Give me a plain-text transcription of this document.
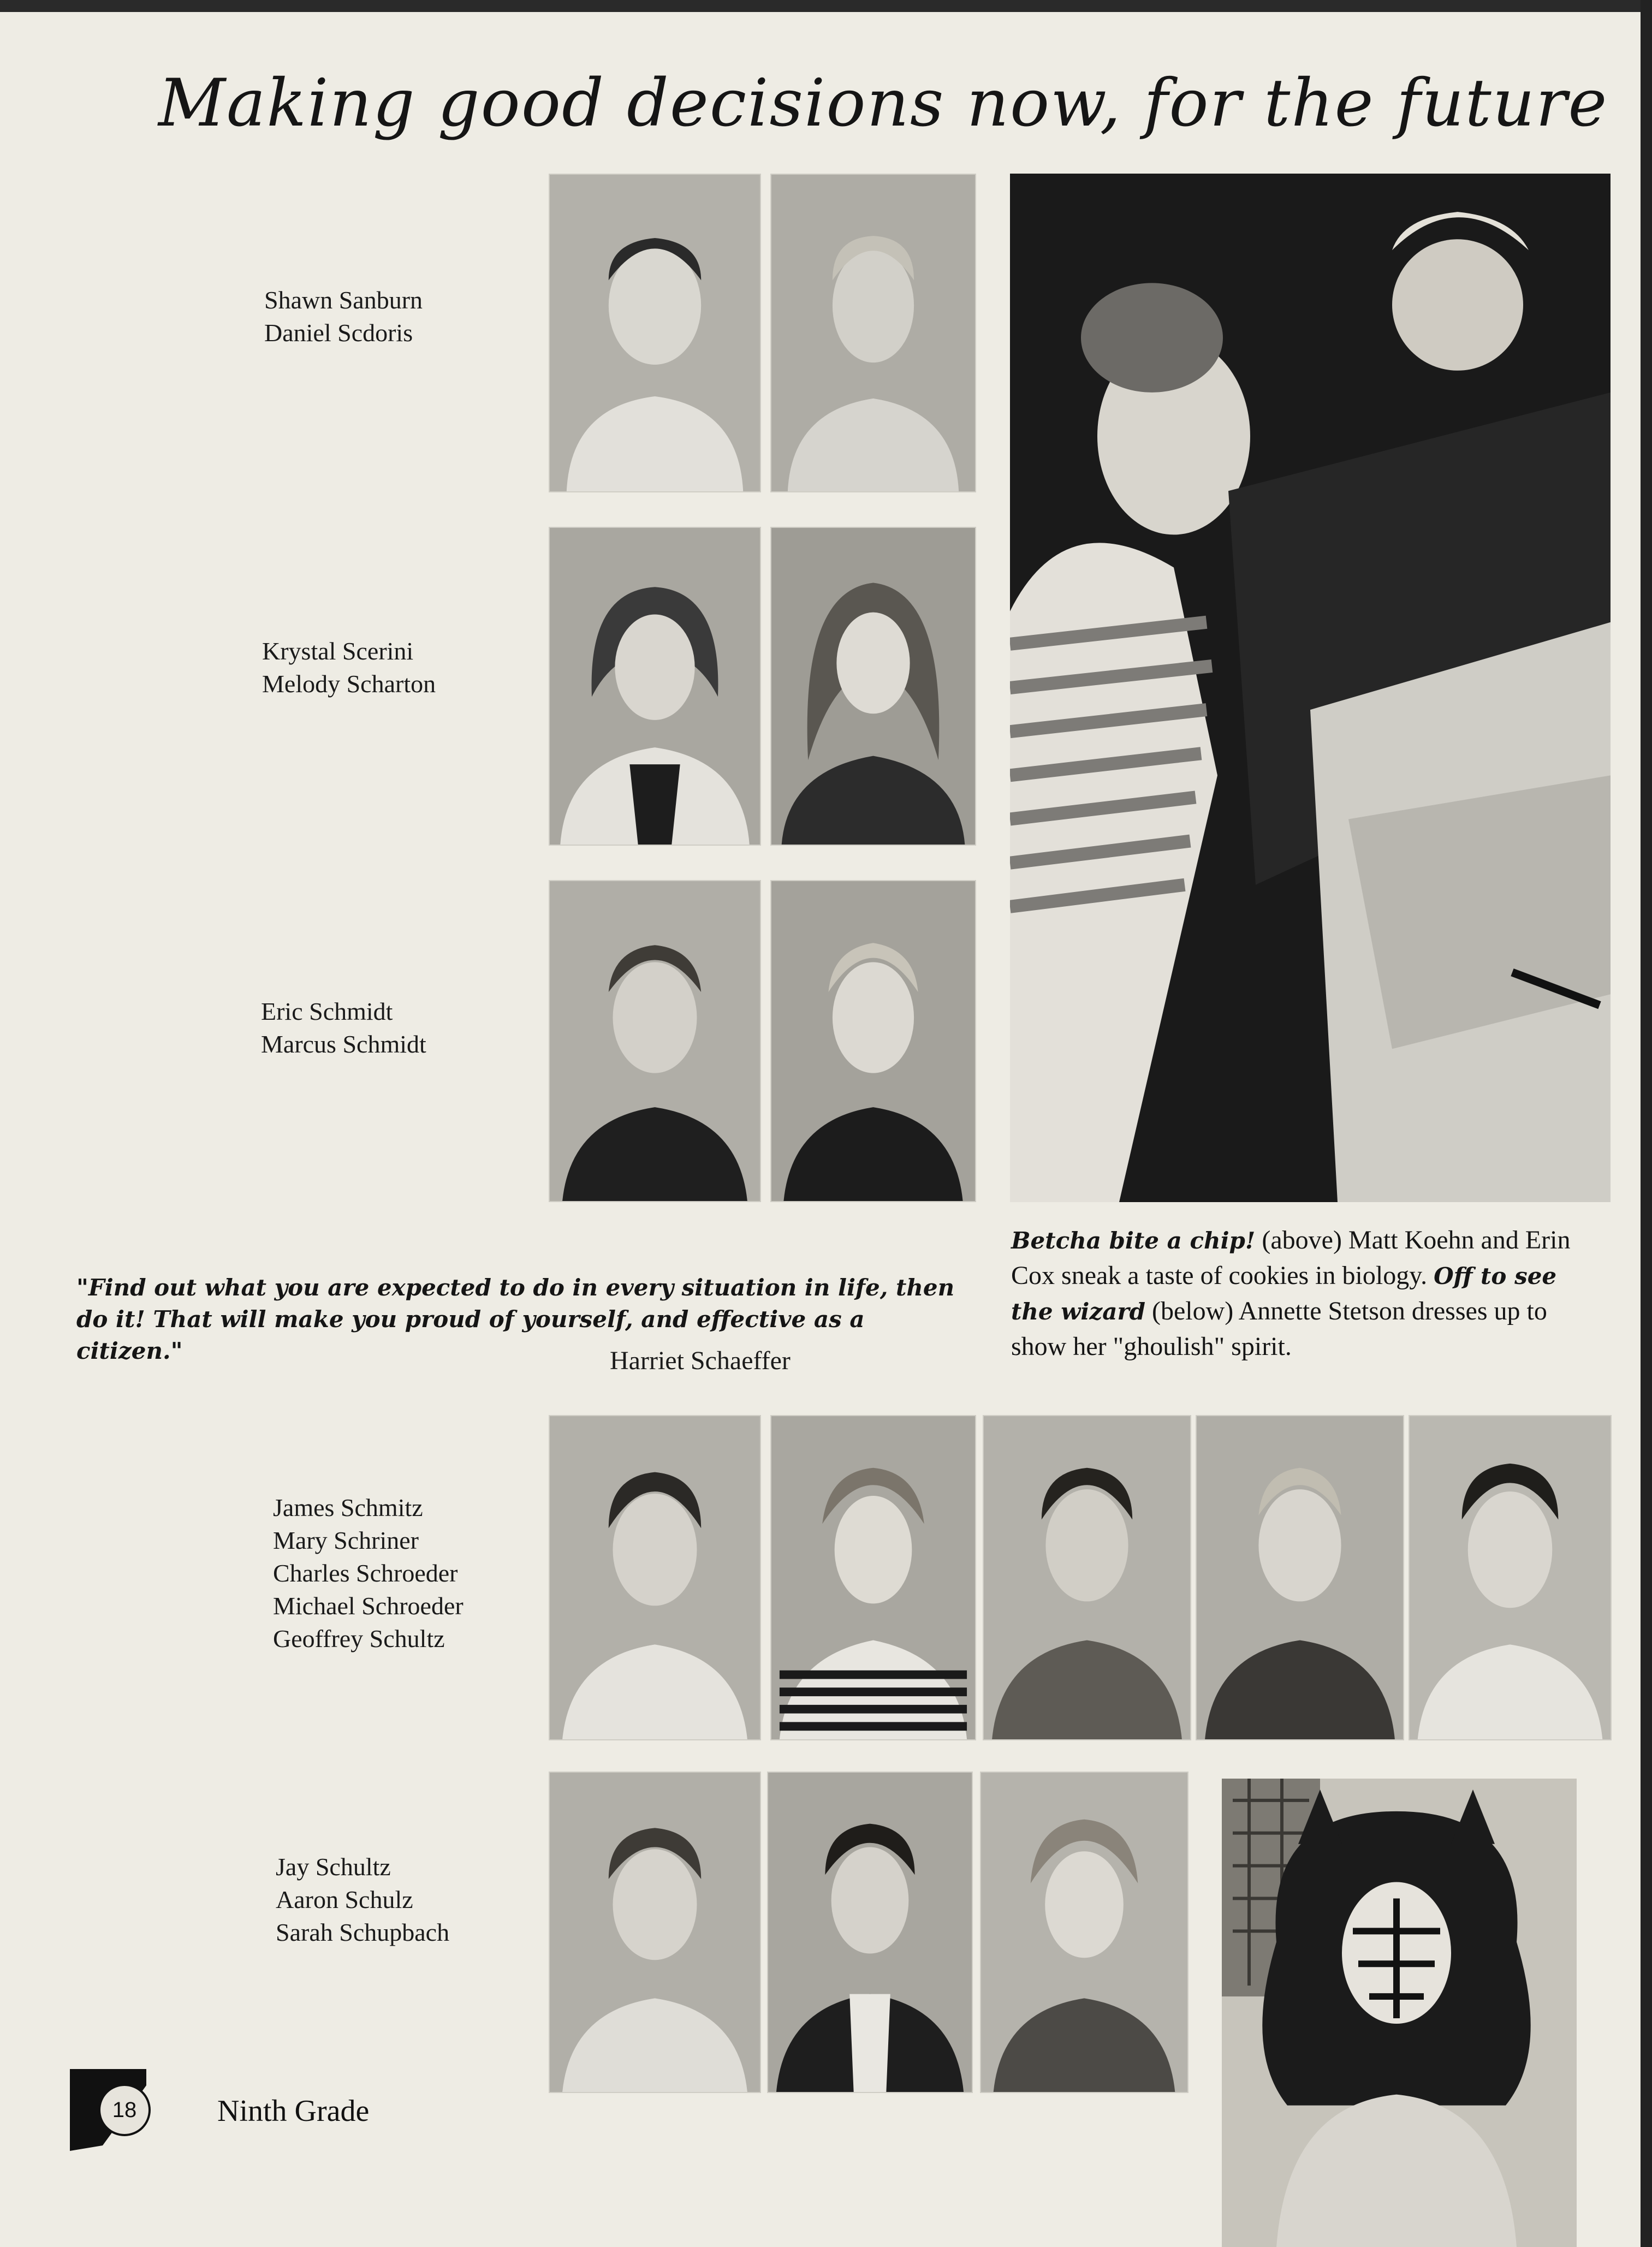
Making good decisions now, for the future
Shawn Sanburn
Daniel Scdoris
Krystal Scerini
Melody Scharton
Eric Schmidt
Marcus Schmidt
"Find out what you are expected to do in every situation in life, then do it! That will make you proud of yourself, and effective as a citizen."	Harriet Schaeffer
Betcha bite a chip! (above) Matt Koehn and Erin Cox sneak a taste of cookies in biology. Off to see the wizard (below) Annette Stetson dresses up to show her "ghoulish" spirit.
James Schmitz
Mary Schriner
Charles Schroeder
Michael Schroeder
Geoffrey Schultz
Jay Schultz
Aaron Schulz
Sarah Schupbach
18	Ninth Grade
